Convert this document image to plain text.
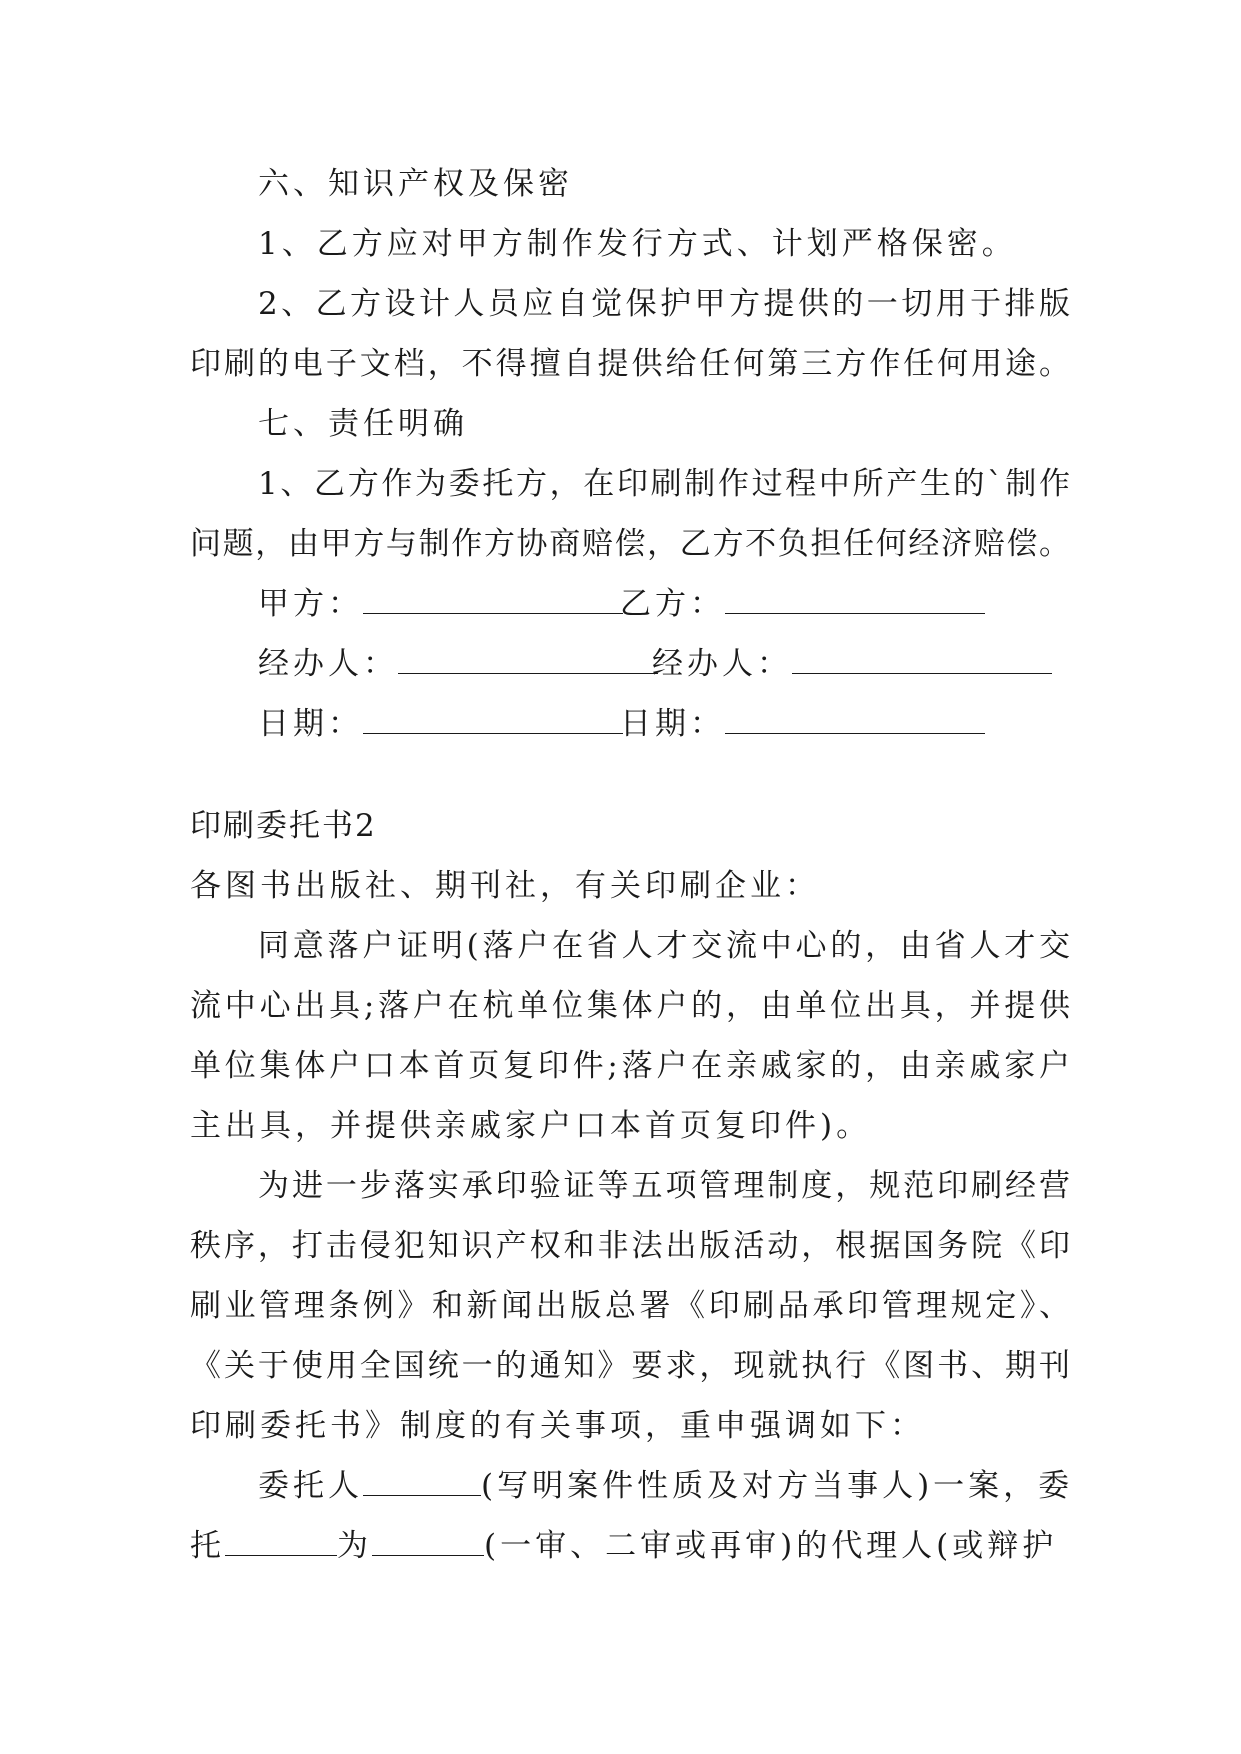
六、知识产权及保密
1、乙方应对甲方制作发行方式、计划严格保密。
2、乙方设计人员应自觉保护甲方提供的一切用于排版
印刷的电子文档，不得擅自提供给任何第三方作任何用途。
七、责任明确
1、乙方作为委托方，在印刷制作过程中所产生的`制作
问题，由甲方与制作方协商赔偿，乙方不负担任何经济赔偿。
甲方：	乙方：
经办人：	经办人：
日期：	日期：
印刷委托书2
各图书出版社、期刊社，有关印刷企业：
同意落户证明(落户在省人才交流中心的，由省人才交
流中心出具;落户在杭单位集体户的，由单位出具，并提供
单位集体户口本首页复印件;落户在亲戚家的，由亲戚家户
主出具，并提供亲戚家户口本首页复印件)。
为进一步落实承印验证等五项管理制度，规范印刷经营
秩序，打击侵犯知识产权和非法出版活动，根据国务院《印
刷业管理条例》和新闻出版总署《印刷品承印管理规定》、
《关于使用全国统一的通知》要求，现就执行《图书、期刊
印刷委托书》制度的有关事项，重申强调如下：
委托人	(写明案件性质及对方当事人)一案，委
托	为	(一审、二审或再审)的代理人(或辩护
